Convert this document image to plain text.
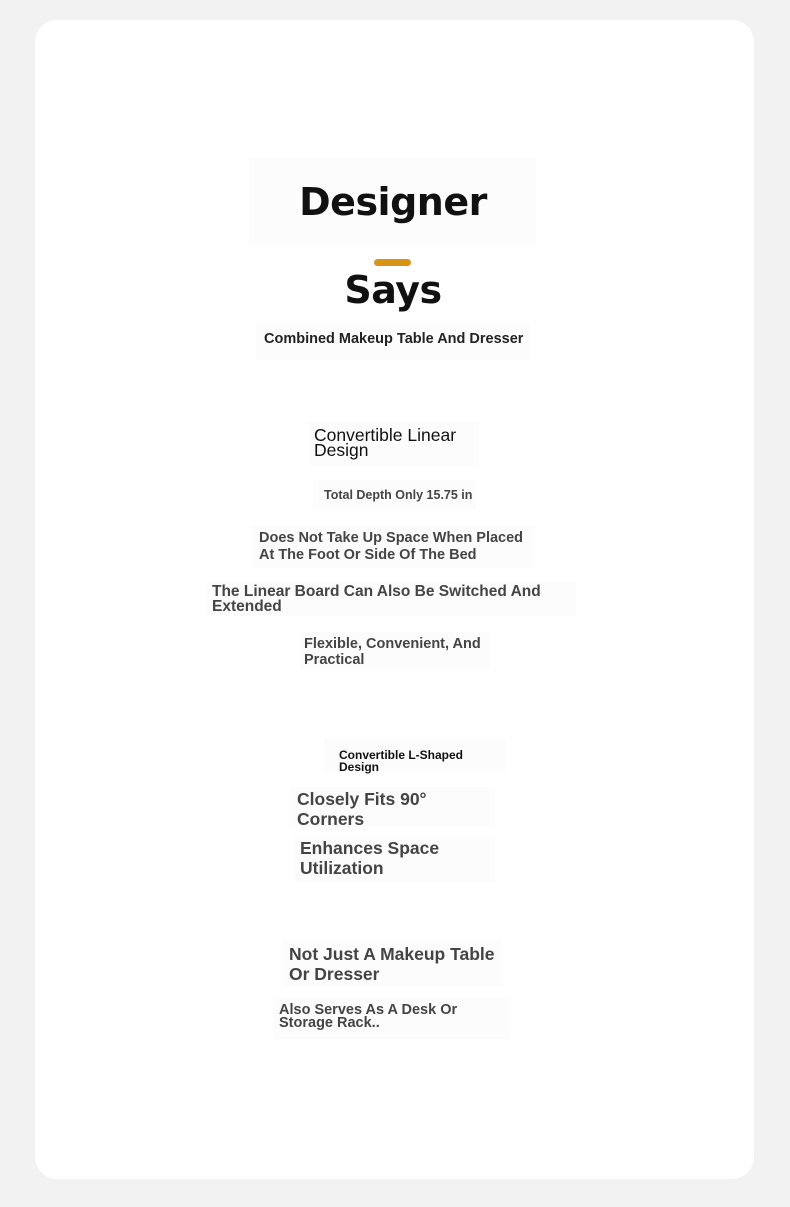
Designer Says
Combined Makeup Table And Dresser
Convertible Linear Design
Total Depth Only 15.75 in
Does Not Take Up Space When Placed At The Foot Or Side Of The Bed
The Linear Board Can Also Be Switched And Extended
Flexible, Convenient, And Practical
Convertible L-Shaped Design
Closely Fits 90° Corners
Enhances Space Utilization
Not Just A Makeup Table Or Dresser
Also Serves As A Desk Or Storage Rack..
